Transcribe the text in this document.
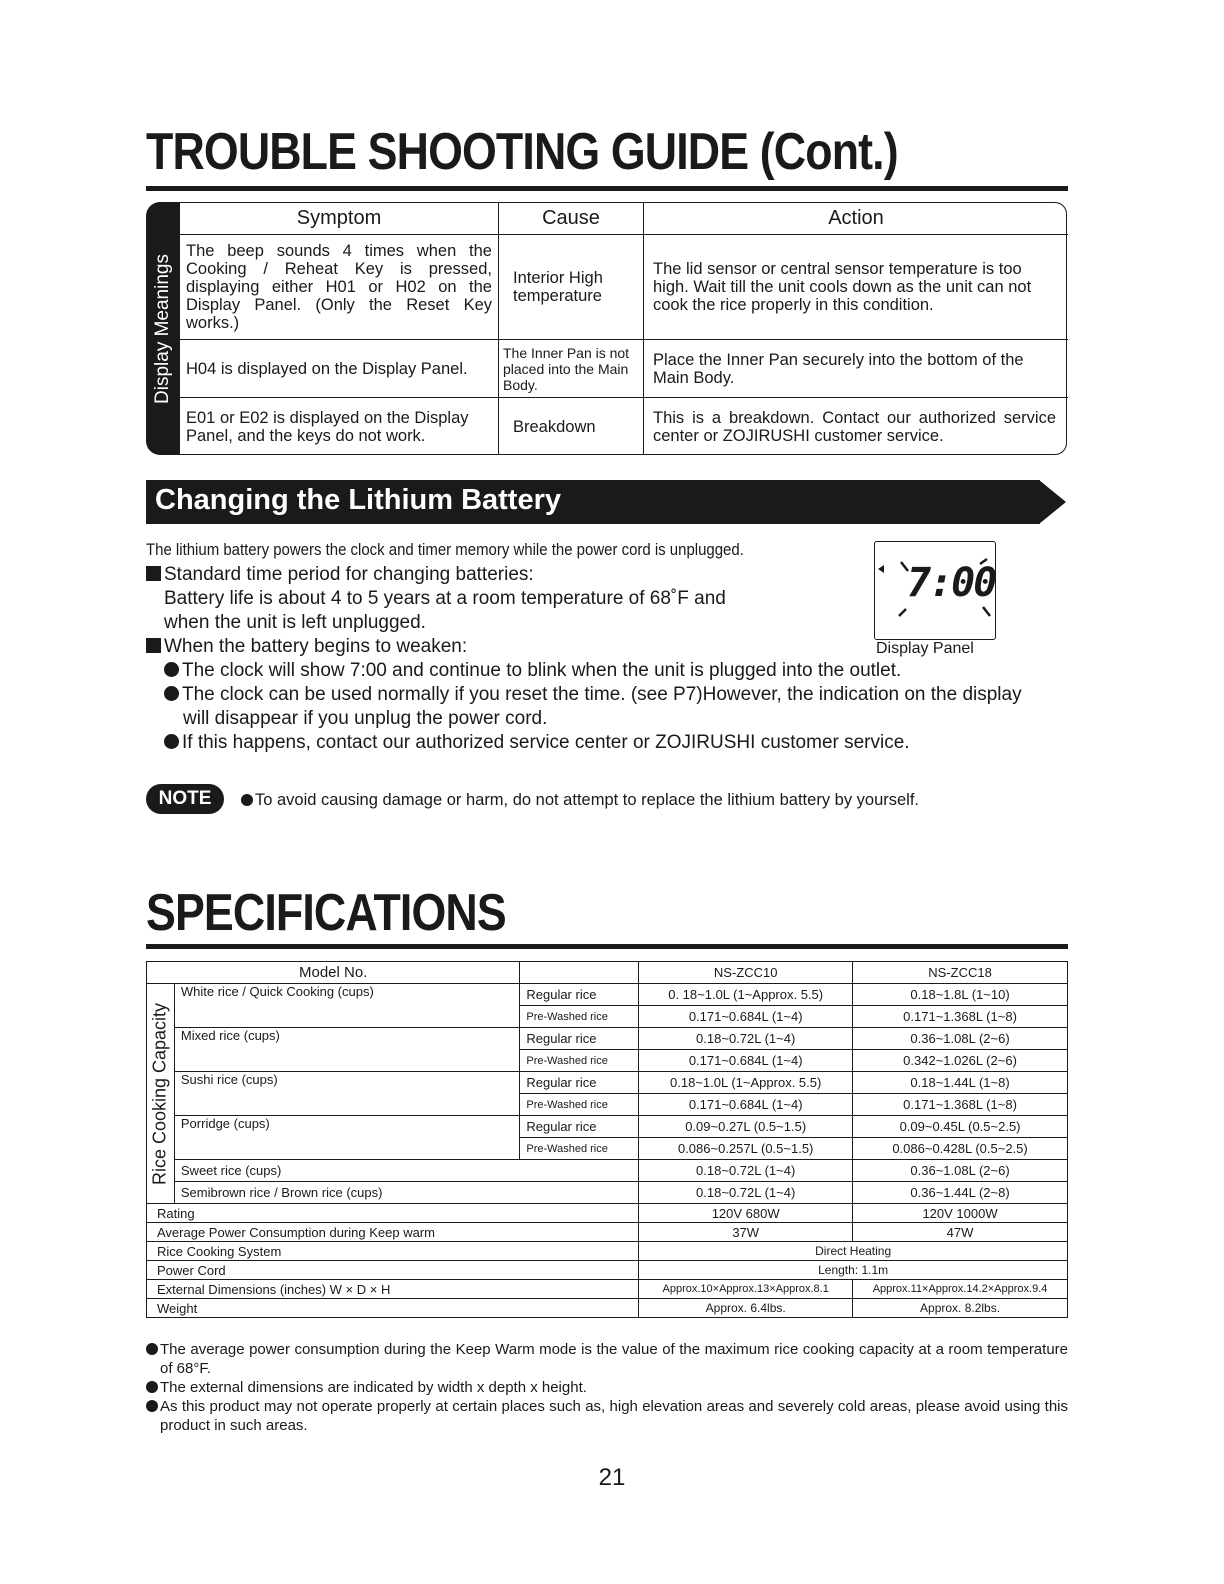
TROUBLE SHOOTING GUIDE (Cont.)
Display Meanings
Symptom	Cause	Action
The beep sounds 4 times when the Cooking / Reheat Key is pressed, displaying either H01 or H02 on the Display Panel. (Only the Reset Key works.)	Interior High temperature	The lid sensor or central sensor temperature is too high. Wait till the unit cools down as the unit can not cook the rice properly in this condition.
H04 is displayed on the Display Panel.	The Inner Pan is not placed into the Main Body.	Place the Inner Pan securely into the bottom of the Main Body.
E01 or E02 is displayed on the Display Panel, and the keys do not work.	Breakdown	This is a breakdown. Contact our authorized service center or ZOJIRUSHI customer service.
Changing the Lithium Battery
The lithium battery powers the clock and timer memory while the power cord is unplugged.
Standard time period for changing batteries:
Battery life is about 4 to 5 years at a room temperature of 68˚F and
when the unit is left unplugged.
When the battery begins to weaken:
The clock will show 7:00 and continue to blink when the unit is plugged into the outlet.
The clock can be used normally if you reset the time. (see P7)However, the indication on the display
will disappear if you unplug the power cord.
If this happens, contact our authorized service center or ZOJIRUSHI customer service.
7:00
Display Panel
NOTE	To avoid causing damage or harm, do not attempt to replace the lithium battery by yourself.
SPECIFICATIONS
Model No.			NS-ZCC10	NS-ZCC18

Rice Cooking Capacity	White rice / Quick Cooking (cups)	Regular rice	0. 18~1.0L (1~Approx. 5.5)	0.18~1.8L (1~10)
		Pre-Washed rice	0.171~0.684L (1~4)	0.171~1.368L (1~8)
	Mixed rice (cups)	Regular rice	0.18~0.72L (1~4)	0.36~1.08L (2~6)
		Pre-Washed rice	0.171~0.684L (1~4)	0.342~1.026L (2~6)
	Sushi rice (cups)	Regular rice	0.18~1.0L (1~Approx. 5.5)	0.18~1.44L (1~8)
		Pre-Washed rice	0.171~0.684L (1~4)	0.171~1.368L (1~8)
	Porridge (cups)	Regular rice	0.09~0.27L (0.5~1.5)	0.09~0.45L (0.5~2.5)
		Pre-Washed rice	0.086~0.257L (0.5~1.5)	0.086~0.428L (0.5~2.5)
	Sweet rice (cups)		0.18~0.72L (1~4)	0.36~1.08L (2~6)
	Semibrown rice / Brown rice (cups)		0.18~0.72L (1~4)	0.36~1.44L (2~8)
Rating			120V 680W	120V 1000W
Average Power Consumption during Keep warm			37W	47W
Rice Cooking System			Direct Heating	
Power Cord			Length: 1.1m	
External Dimensions (inches) W × D × H			Approx.10×Approx.13×Approx.8.1	Approx.11×Approx.14.2×Approx.9.4
Weight			Approx. 6.4lbs.	Approx. 8.2lbs.
The average power consumption during the Keep Warm mode is the value of the maximum rice cooking capacity at a room temperature of 68°F.
The external dimensions are indicated by width x depth x height.
As this product may not operate properly at certain places such as, high elevation areas and severely cold areas, please avoid using this product in such areas.
21
